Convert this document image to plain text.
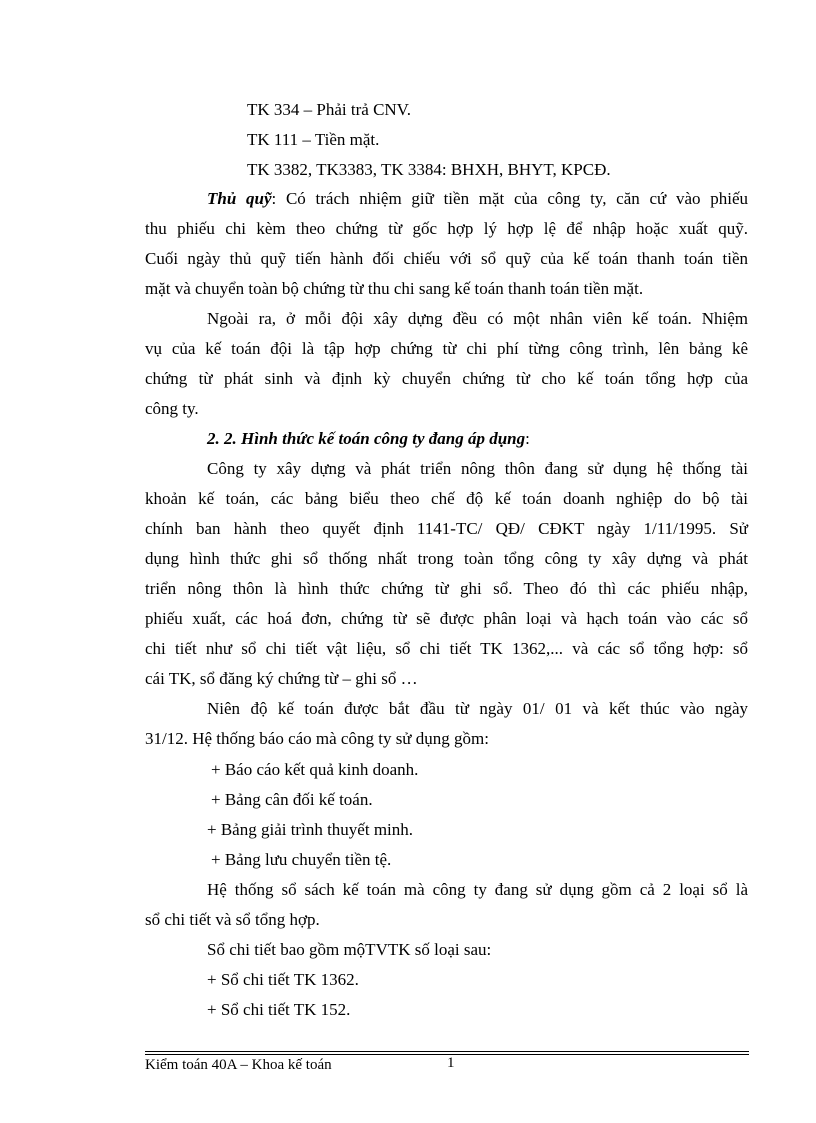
TK 334 – Phải trả CNV.
TK 111 – Tiền mặt.
TK 3382, TK3383, TK 3384: BHXH, BHYT, KPCĐ.
Thủ quỹ: Có trách nhiệm giữ tiền mặt của công ty, căn cứ vào phiếu
thu phiếu chi kèm theo chứng từ gốc hợp lý hợp lệ để nhập hoặc xuất quỹ.
Cuối ngày thủ quỹ tiến hành đối chiếu với sổ quỹ của kế toán thanh toán tiền
mặt và chuyển toàn bộ chứng từ thu chi sang kế toán thanh toán tiền mặt.
Ngoài ra, ở mỗi đội xây dựng đều có một nhân viên kế toán. Nhiệm
vụ của kế toán đội là tập hợp chứng từ chi phí từng công trình, lên bảng kê
chứng từ phát sinh và định kỳ chuyển chứng từ cho kế toán tổng hợp của
công ty.
2. 2. Hình thức kế toán công ty đang áp dụng:
Công ty xây dựng và phát triển nông thôn đang sử dụng hệ thống tài
khoản kế toán, các bảng biểu theo chế độ kế toán doanh nghiệp do bộ tài
chính ban hành theo quyết định 1141-TC/ QĐ/ CĐKT ngày 1/11/1995. Sử
dụng hình thức ghi sổ thống nhất trong toàn tổng công ty xây dựng và phát
triển nông thôn là hình thức chứng từ ghi sổ. Theo đó thì các phiếu nhập,
phiếu xuất, các hoá đơn, chứng từ sẽ được phân loại và hạch toán vào các sổ
chi tiết như sổ chi tiết vật liệu, sổ chi tiết TK 1362,... và các sổ tổng hợp: sổ
cái TK, sổ đăng ký chứng từ – ghi sổ …
Niên độ kế toán được bắt đầu từ ngày 01/ 01 và kết thúc vào ngày
31/12. Hệ thống báo cáo mà công ty sử dụng gồm:
+ Báo cáo kết quả kinh doanh.
+ Bảng cân đối kế toán.
+ Bảng giải trình thuyết minh.
+ Bảng lưu chuyển tiền tệ.
Hệ thống sổ sách kế toán mà công ty đang sử dụng gồm cả 2 loại sổ là
sổ chi tiết và sổ tổng hợp.
Sổ chi tiết bao gồm mộTVTK số loại sau:
+ Sổ chi tiết TK 1362.
+ Sổ chi tiết TK 152.
Kiểm toán 40A – Khoa kế toán	1
